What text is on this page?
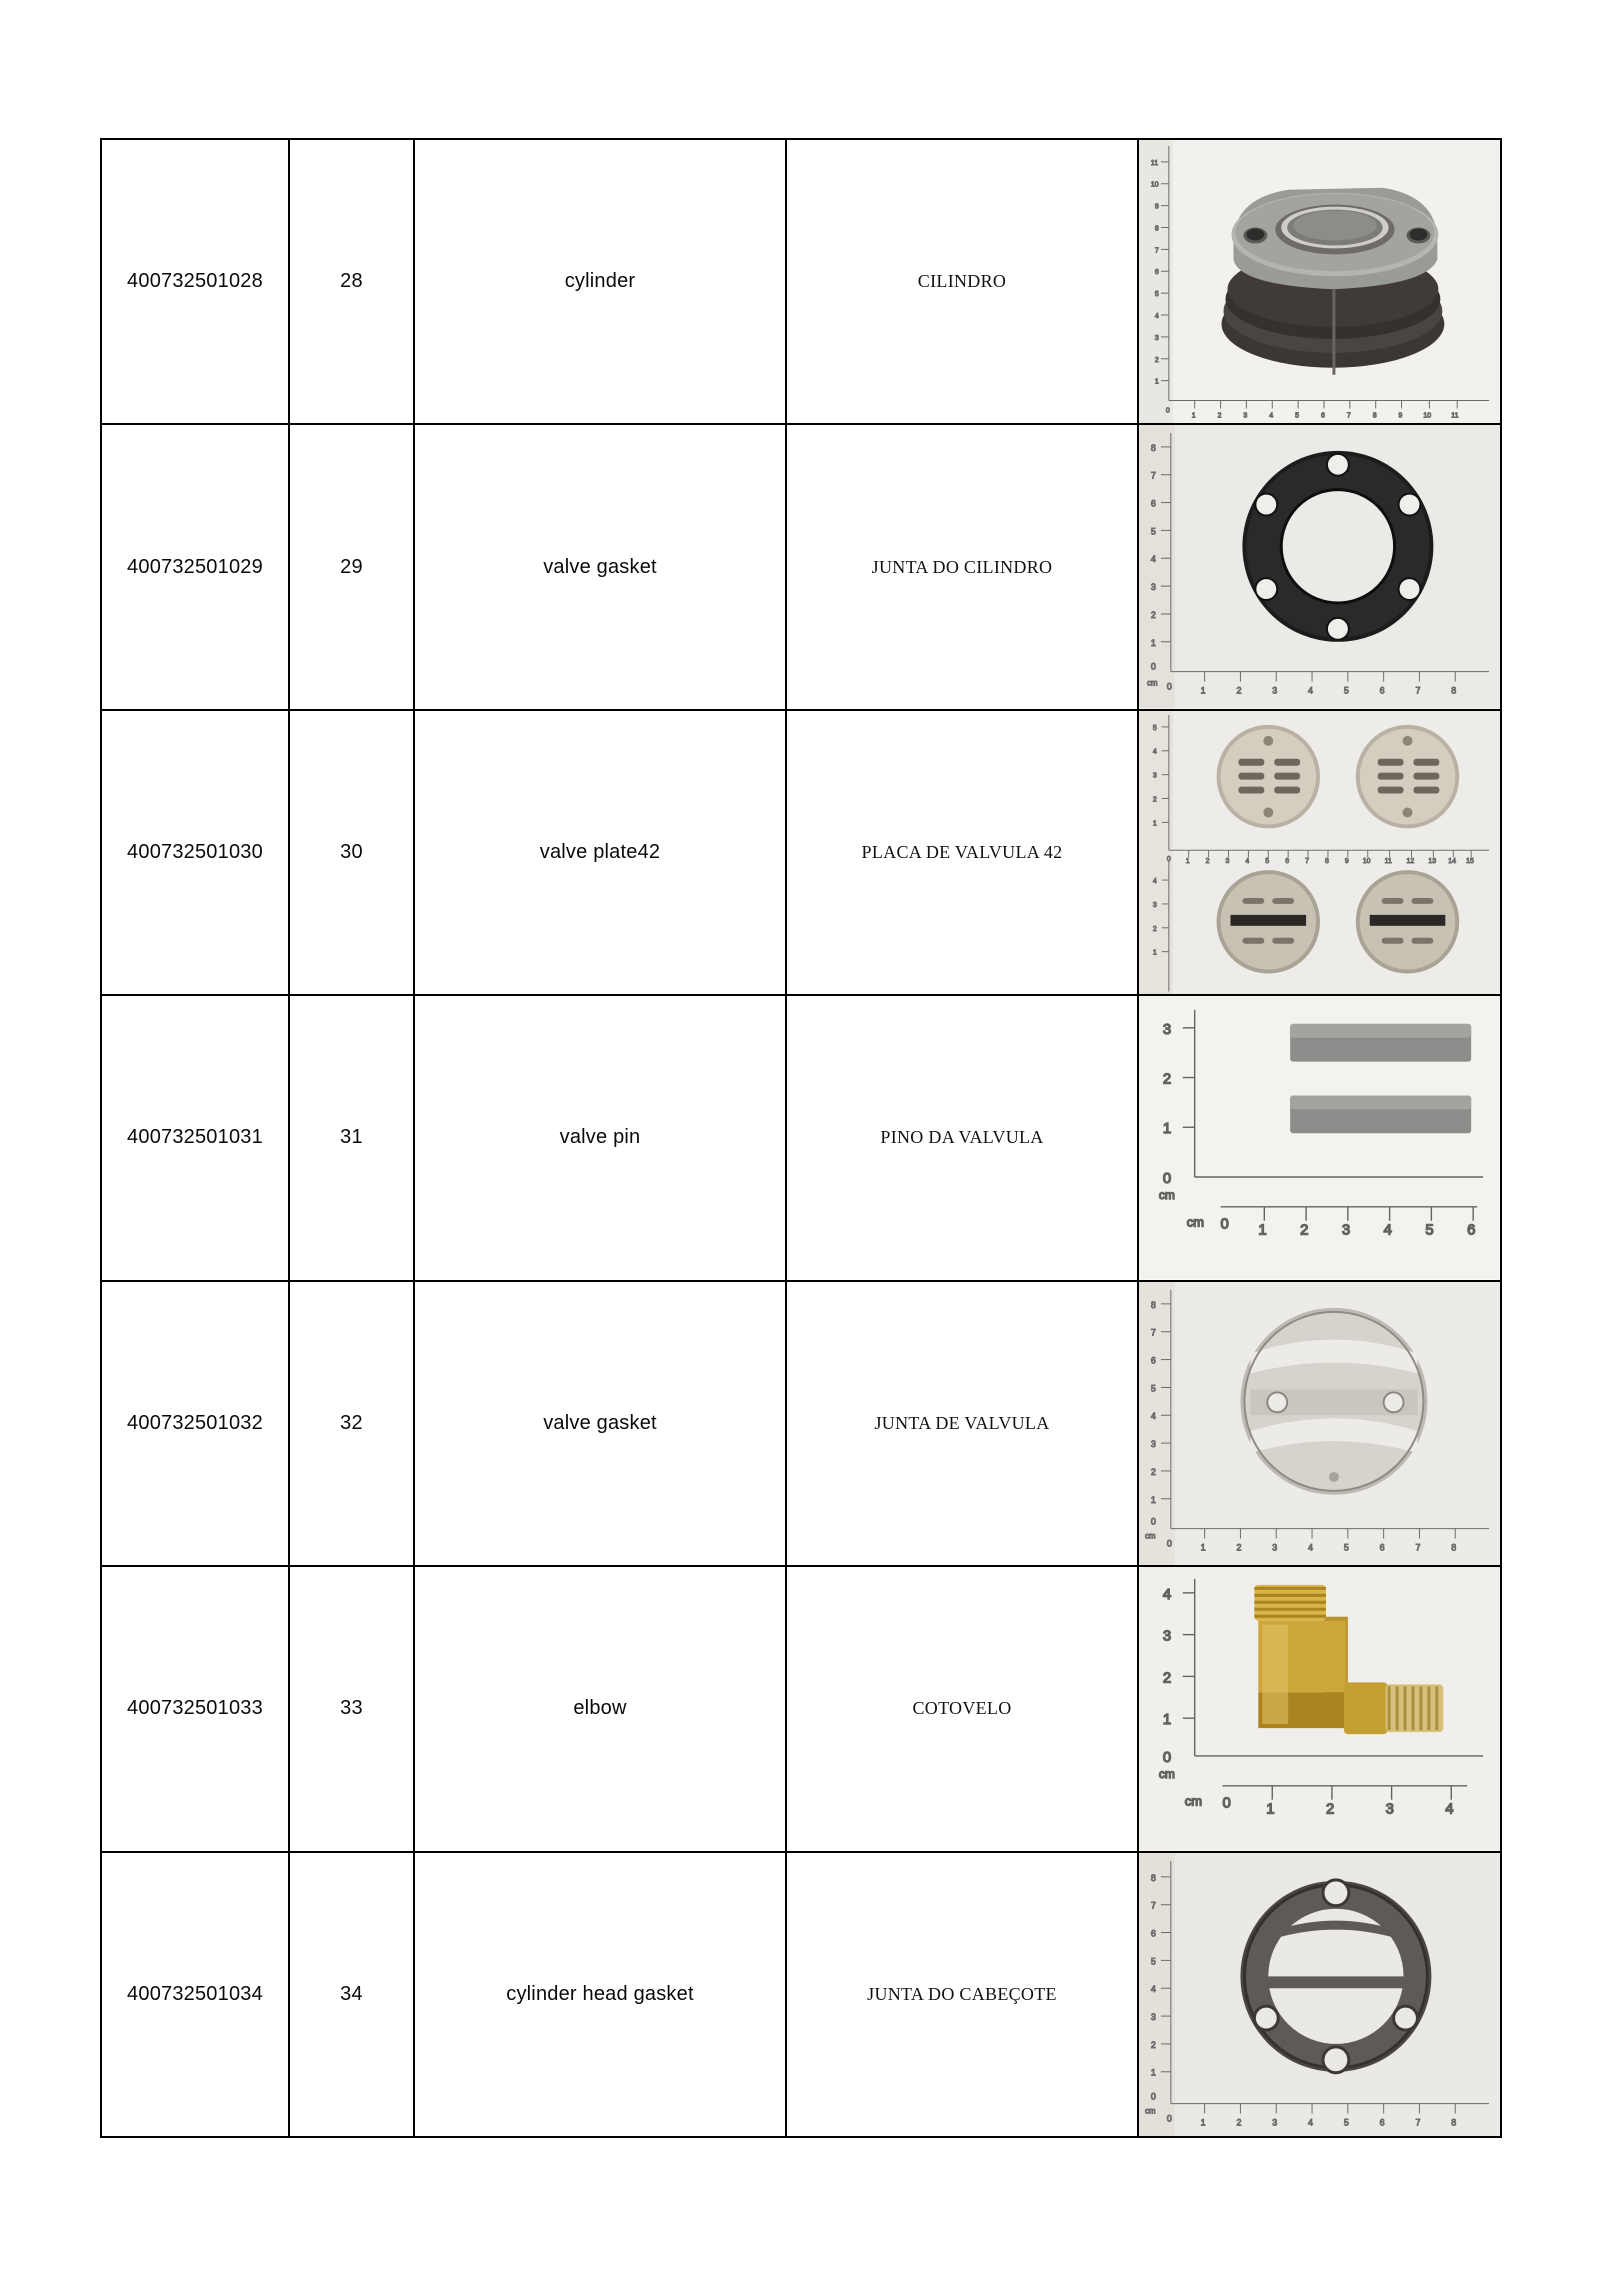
400732501028	28	cylinder	CILINDRO	
11
10
9
8
7
6
5
4
3
2
1
0
1	2	3	4	5	6	7	8	9	10	11

400732501029	29	valve gasket	JUNTA DO CILINDRO	
8
7
6
5
4
3
2
1
0
cm 0	1	2	3	4	5	6	7	8

400732501030	30	valve plate42	PLACA DE VALVULA 42	
5
4
3
2
1
4
3
2
1
0 1 2 3 4 5 6 7 8 9 10 11 12 13 14 15

400732501031	31	valve pin	PINO DA VALVULA	
3
2
1
0
cm
cm 0 1 2 3 4 5 6

400732501032	32	valve gasket	JUNTA DE VALVULA	
8
7
6
5
4
3
2
1
0
cm
0	1	2	3	4	5	6	7	8

400732501033	33	elbow	COTOVELO	
4
3
2
1
0
cm
cm 0 1	2	3	4

400732501034	34	cylinder head gasket	JUNTA DO CABEÇOTE	
8
7
6
5
4
3
2
1
0
cm
0	1	2	3	4	5	6	7	8
